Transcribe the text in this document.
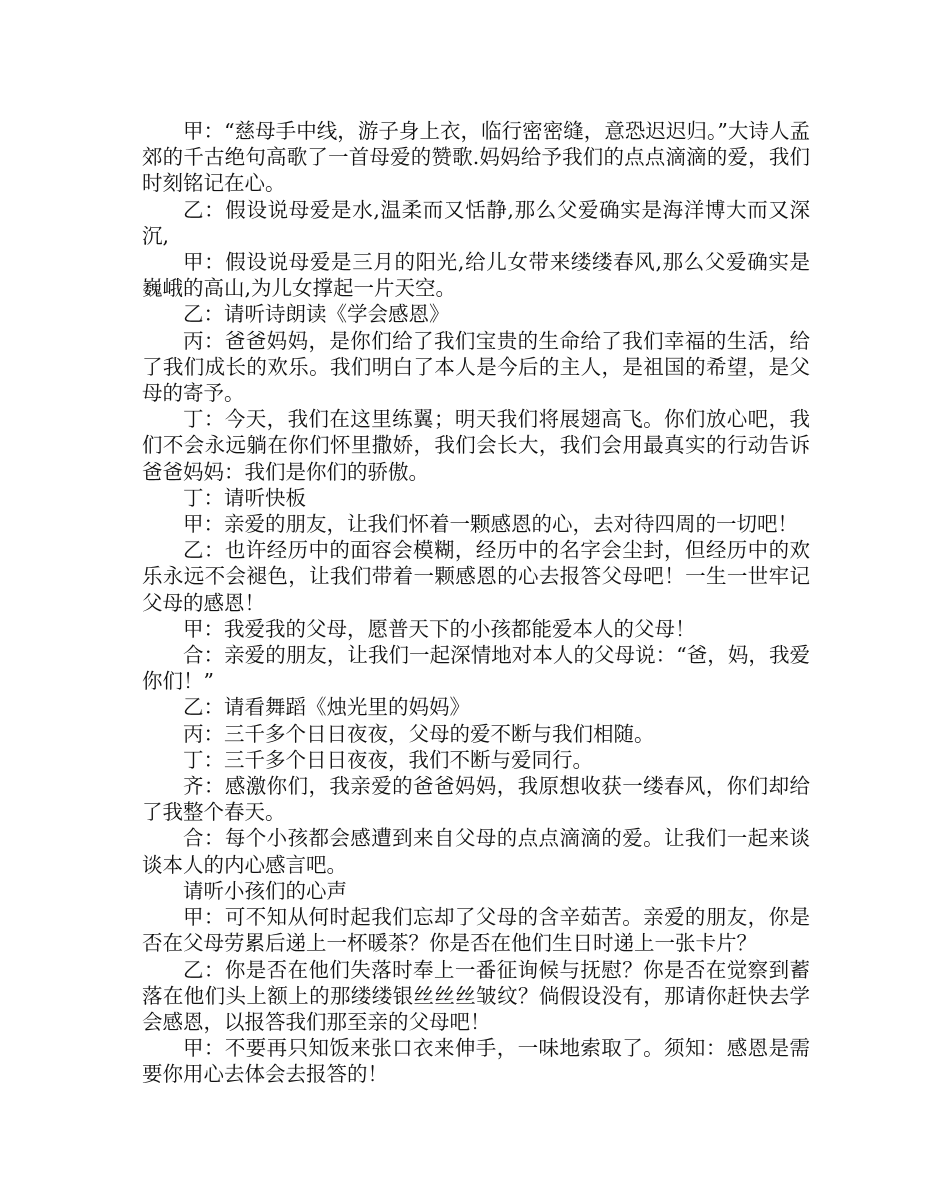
甲：“慈母手中线，游子身上衣，临行密密缝，意恐迟迟归。”大诗人孟郊的千古绝句高歌了一首母爱的赞歌.妈妈给予我们的点点滴滴的爱，我们时刻铭记在心。

乙：假设说母爱是水,温柔而又恬静,那么父爱确实是海洋博大而又深沉,

甲：假设说母爱是三月的阳光,给儿女带来缕缕春风,那么父爱确实是巍峨的高山,为儿女撑起一片天空。

乙：请听诗朗读《学会感恩》

丙：爸爸妈妈，是你们给了我们宝贵的生命给了我们幸福的生活，给了我们成长的欢乐。我们明白了本人是今后的主人，是祖国的希望，是父母的寄予。

丁：今天，我们在这里练翼；明天我们将展翅高飞。你们放心吧，我们不会永远躺在你们怀里撒娇，我们会长大，我们会用最真实的行动告诉爸爸妈妈：我们是你们的骄傲。

丁：请听快板

甲：亲爱的朋友，让我们怀着一颗感恩的心，去对待四周的一切吧！

乙：也许经历中的面容会模糊，经历中的名字会尘封，但经历中的欢乐永远不会褪色，让我们带着一颗感恩的心去报答父母吧！一生一世牢记父母的感恩！

甲：我爱我的父母，愿普天下的小孩都能爱本人的父母！

合：亲爱的朋友，让我们一起深情地对本人的父母说：“爸，妈，我爱你们！”

乙：请看舞蹈《烛光里的妈妈》

丙：三千多个日日夜夜，父母的爱不断与我们相随。

丁：三千多个日日夜夜，我们不断与爱同行。

齐：感激你们，我亲爱的爸爸妈妈，我原想收获一缕春风，你们却给了我整个春天。

合：每个小孩都会感遭到来自父母的点点滴滴的爱。让我们一起来谈谈本人的内心感言吧。

请听小孩们的心声

甲：可不知从何时起我们忘却了父母的含辛茹苦。亲爱的朋友，你是否在父母劳累后递上一杯暖茶？你是否在他们生日时递上一张卡片？

乙：你是否在他们失落时奉上一番征询候与抚慰？你是否在觉察到蓄落在他们头上额上的那缕缕银丝丝丝皱纹？倘假设没有，那请你赶快去学会感恩，以报答我们那至亲的父母吧！

甲：不要再只知饭来张口衣来伸手，一味地索取了。须知：感恩是需要你用心去体会去报答的！
